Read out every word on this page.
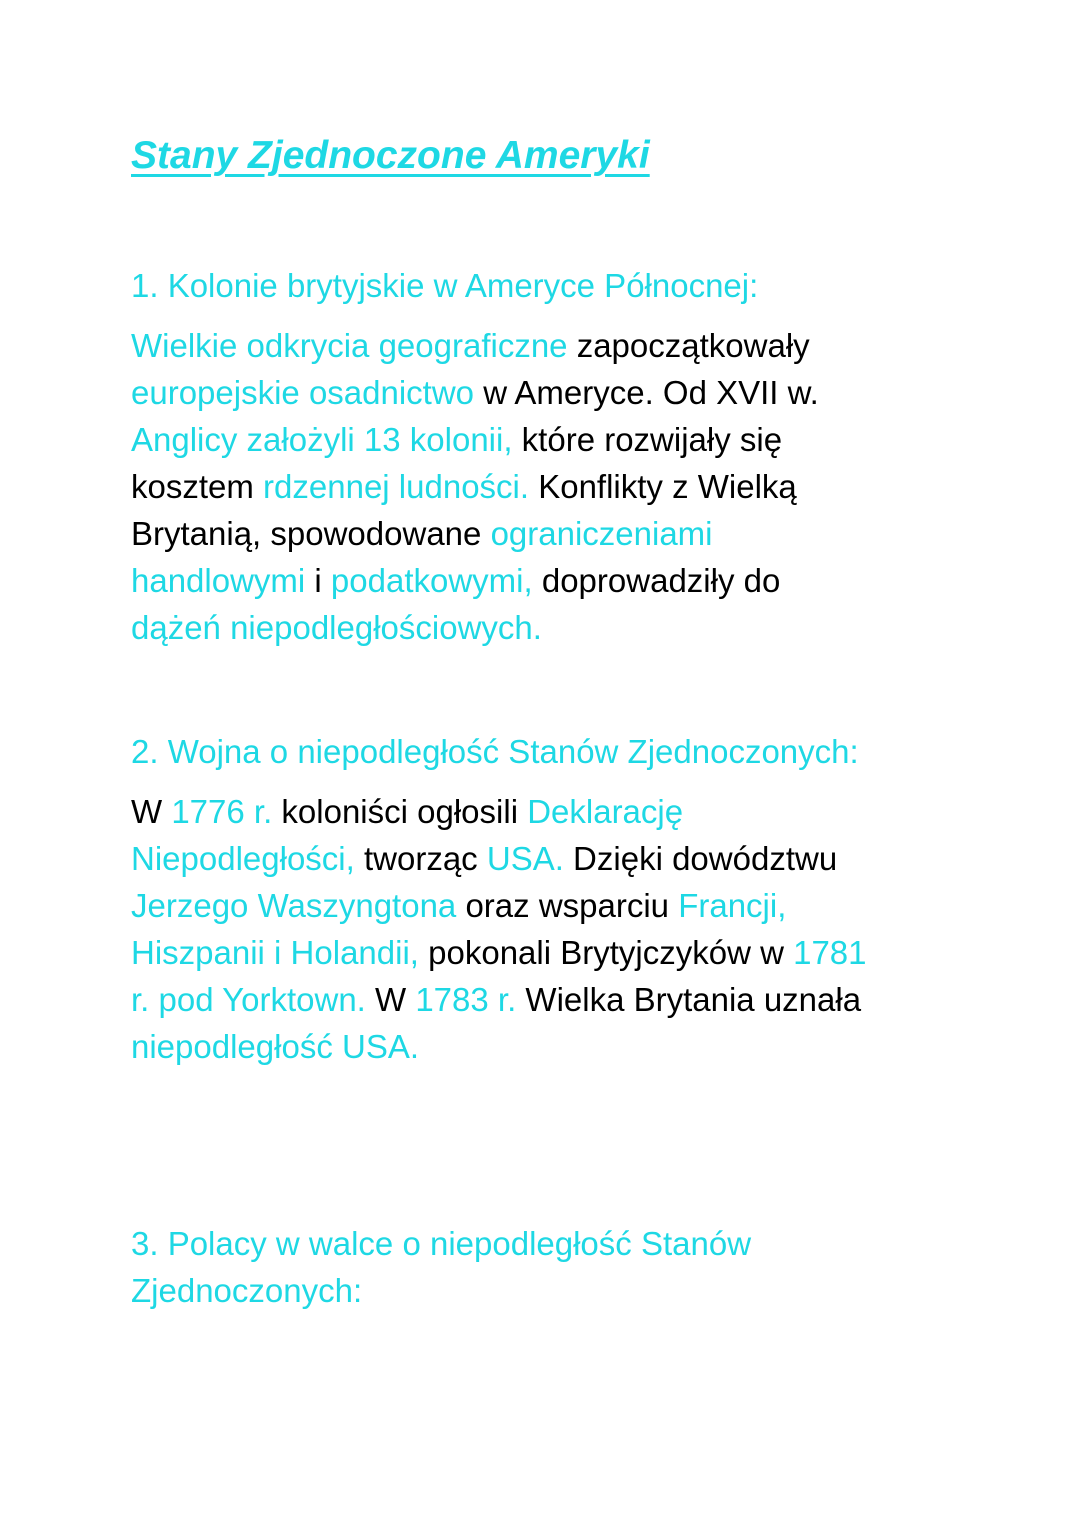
Stany Zjednoczone Ameryki
1. Kolonie brytyjskie w Ameryce Północnej:
Wielkie odkrycia geograficzne zapoczątkowały
europejskie osadnictwo w Ameryce. Od XVII w.
Anglicy założyli 13 kolonii, które rozwijały się
kosztem rdzennej ludności. Konflikty z Wielką
Brytanią, spowodowane ograniczeniami
handlowymi i podatkowymi, doprowadziły do
dążeń niepodległościowych.
2. Wojna o niepodległość Stanów Zjednoczonych:
W 1776 r. koloniści ogłosili Deklarację
Niepodległości, tworząc USA. Dzięki dowództwu
Jerzego Waszyngtona oraz wsparciu Francji,
Hiszpanii i Holandii, pokonali Brytyjczyków w 1781
r. pod Yorktown. W 1783 r. Wielka Brytania uznała
niepodległość USA.
3. Polacy w walce o niepodległość Stanów Zjednoczonych:
